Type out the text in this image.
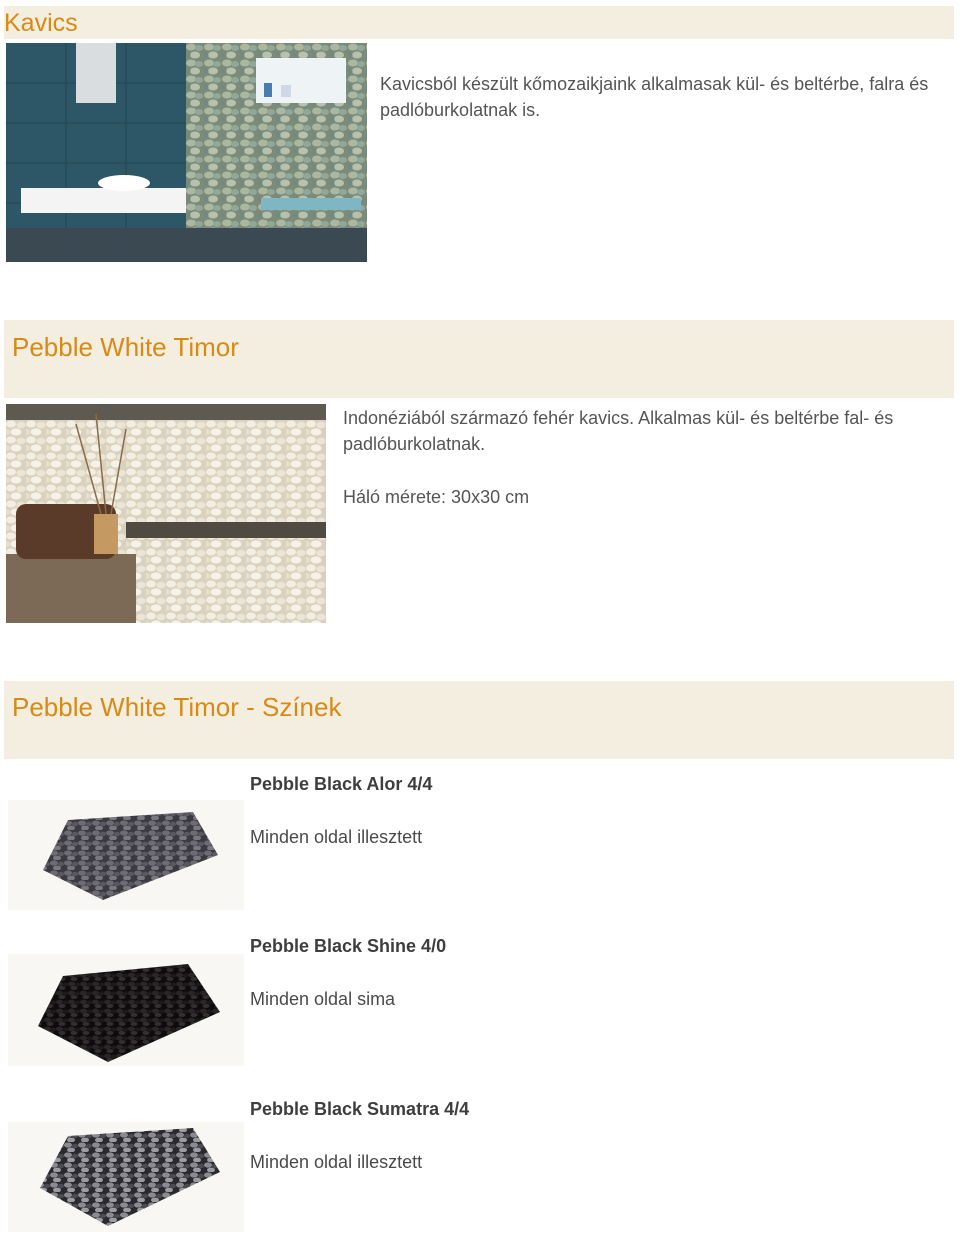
Kavics

Kavicsból készült kőmozaikjaink alkalmasak kül- és beltérbe, falra és padlóburkolatnak is.

Pebble White Timor

Indonéziából származó fehér kavics. Alkalmas kül- és beltérbe fal- és padlóburkolatnak.

Háló mérete: 30x30 cm

Pebble White Timor - Színek
Pebble Black Alor 4/4
Minden oldal illesztett
Pebble Black Shine 4/0
Minden oldal sima
Pebble Black Sumatra 4/4
Minden oldal illesztett
